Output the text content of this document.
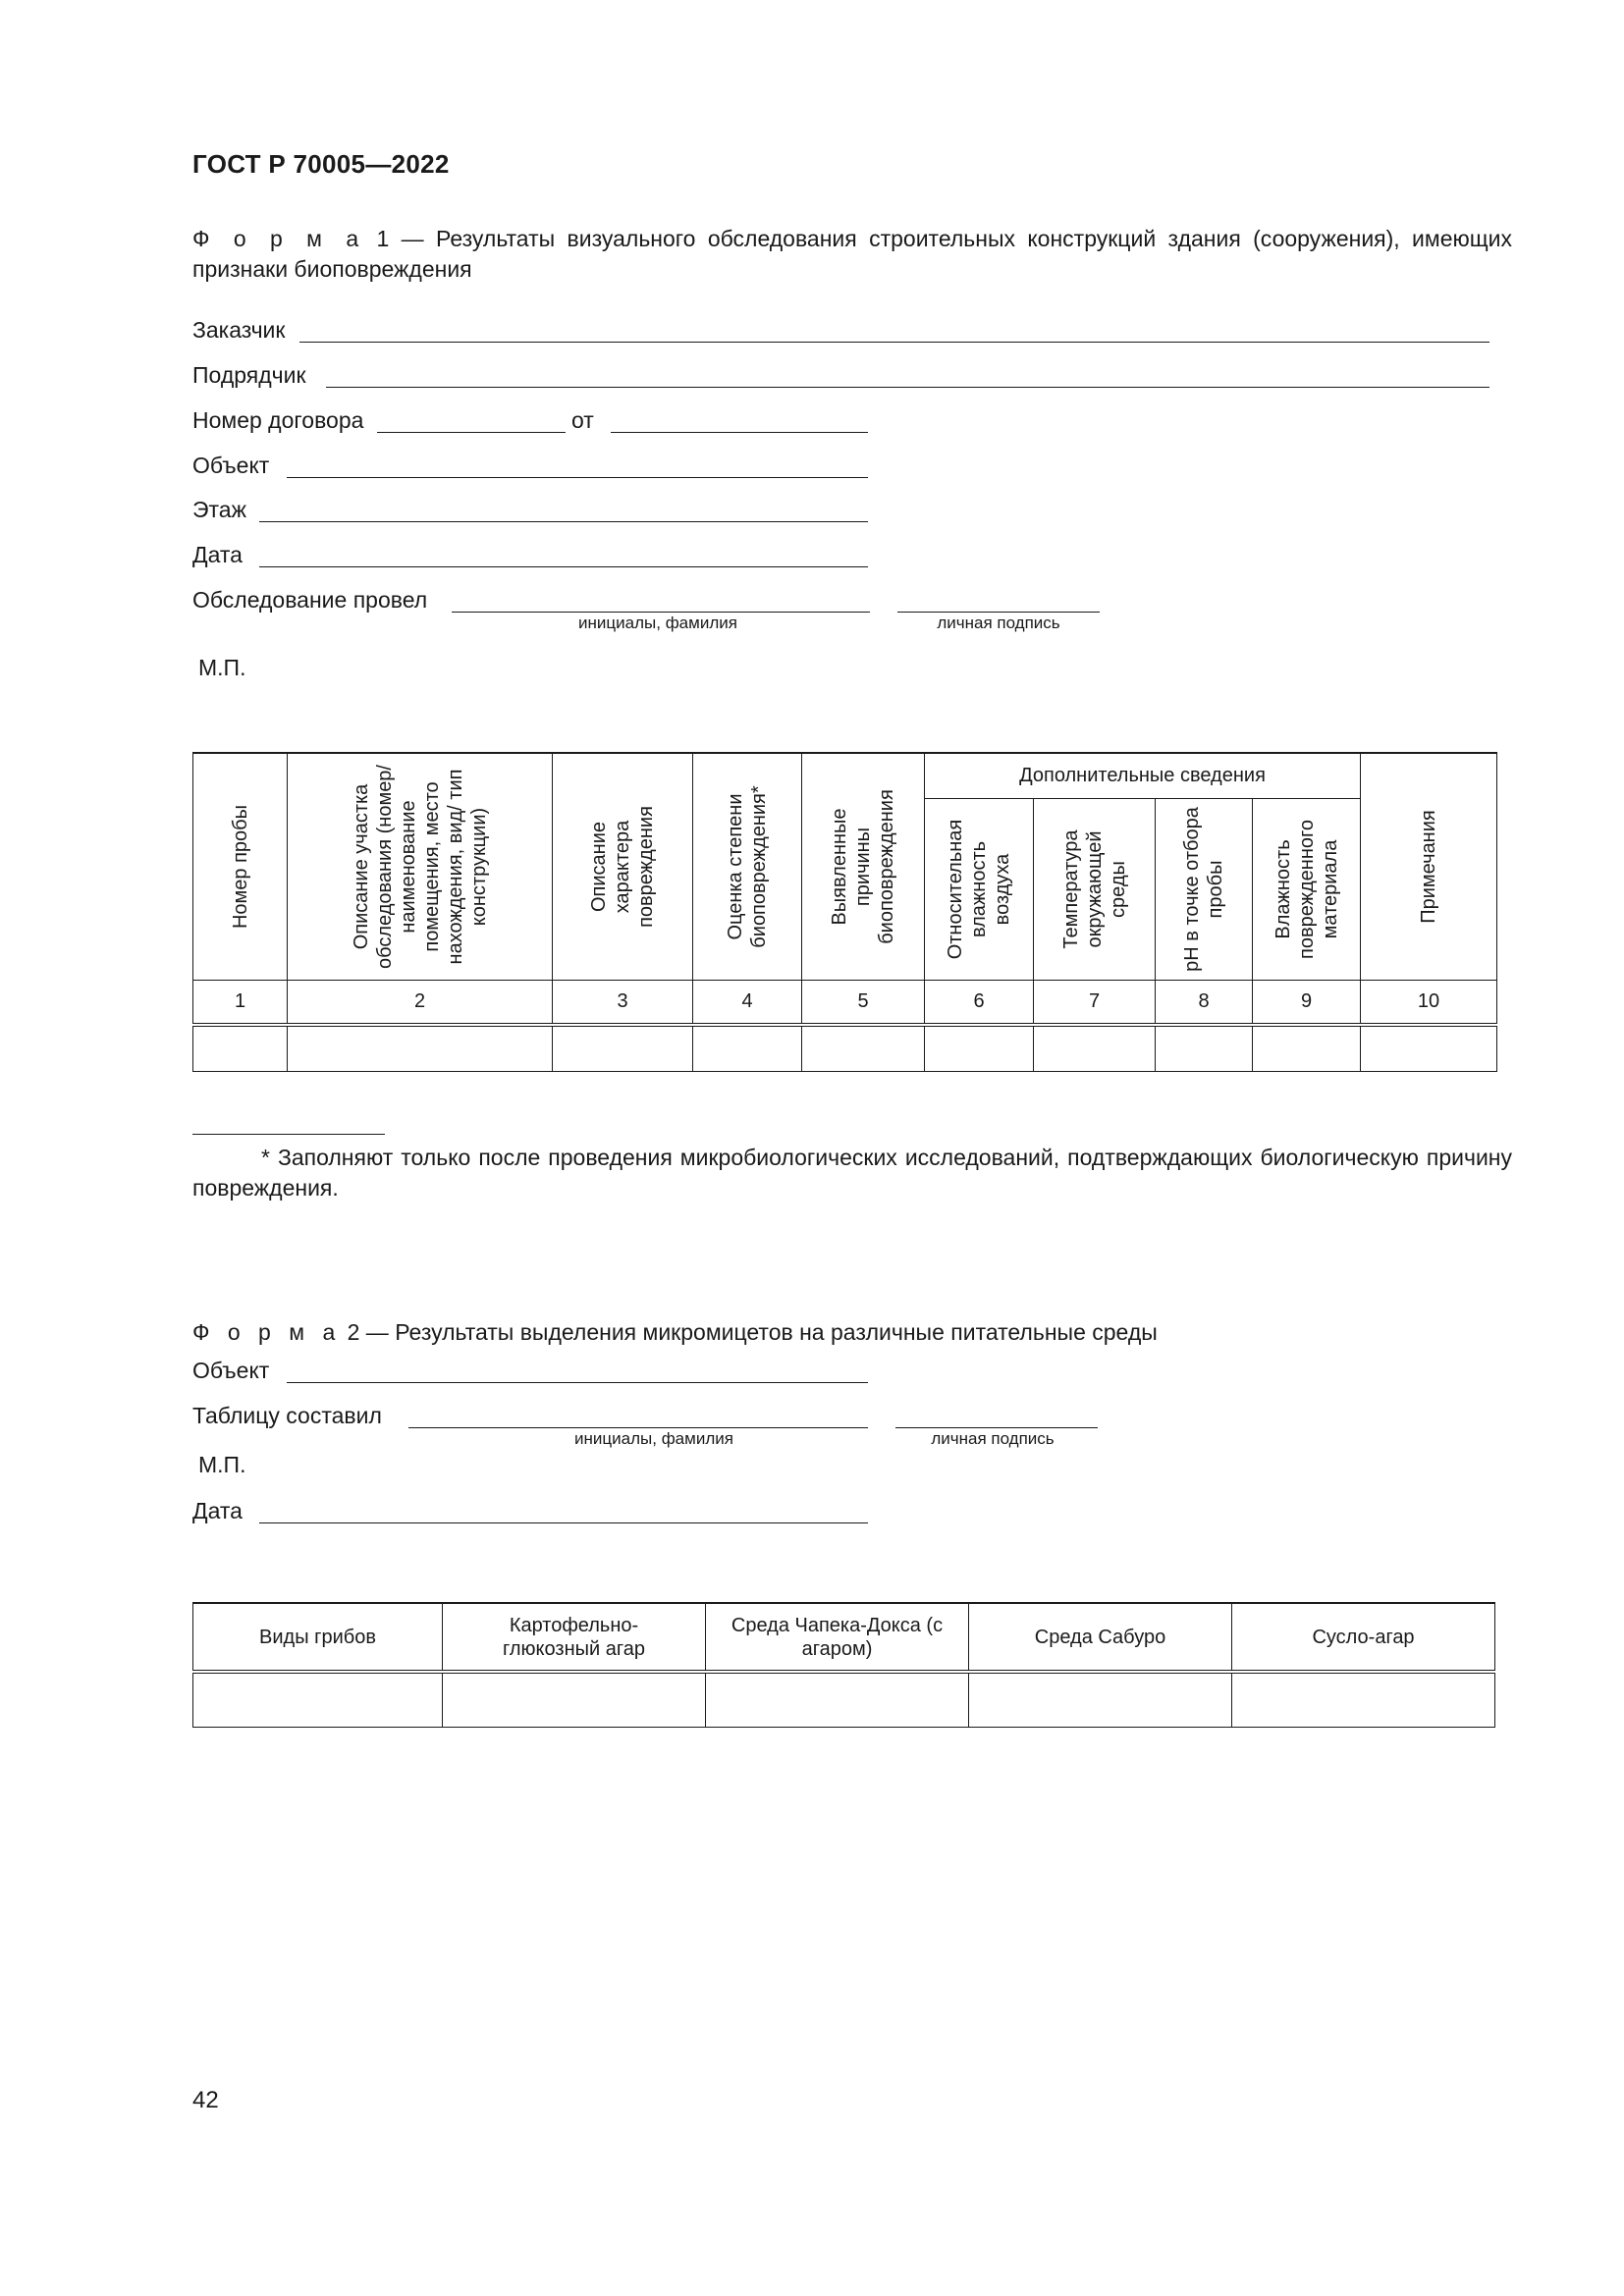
ГОСТ Р 70005—2022
Ф о р м а 1 — Результаты визуального обследования строительных конструкций здания (сооружения), имеющих признаки биоповреждения
Заказчик
Подрядчик
Номер договора	от
Объект
Этаж
Дата
Обследование провел
инициалы, фамилия	личная подпись
М.П.
Номер пробы	Описание участка обследования (номер/ наименование помещения, место нахождения, вид/ тип конструкции)	Описание характера повреждения	Оценка степени биоповреждения*	Выявленные причины биоповреждения	Дополнительные сведения				Примечания

					Относительная влажность воздуха	Температура окружающей среды	pH в точке отбора пробы	Влажность поврежденного материала	

1	2	3	4	5	6	7	8	9	10

* Заполняют только после проведения микробиологических исследований, подтверждающих биологическую причину повреждения.
Ф о р м а 2 — Результаты выделения микромицетов на различные питательные среды
Объект
Таблицу составил
инициалы, фамилия	личная подпись
М.П.
Дата
Виды грибов	Картофельно-глюкозный агар	Среда Чапека-Докса (с агаром)	Среда Сабуро	Сусло-агар

42
